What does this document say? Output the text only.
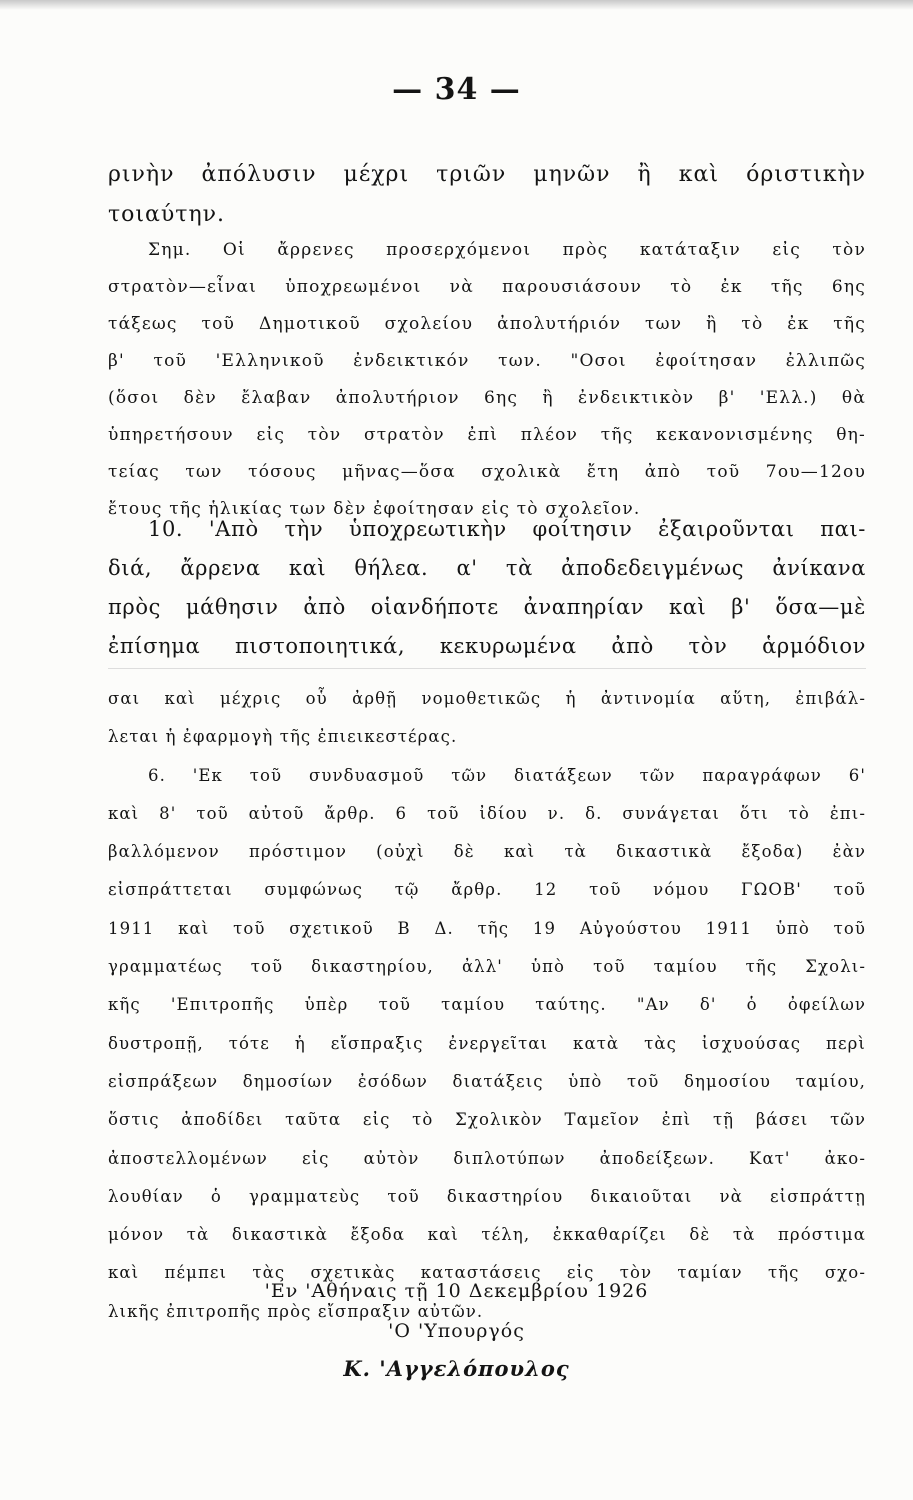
— 34 —
ρινὴν ἀπόλυσιν μέχρι τριῶν μηνῶν ἢ καὶ όριστικὴν
τοιαύτην.
Σημ. Οἱ ἄρρενες προσερχόμενοι πρὸς κατάταξιν εἰς τὸν
στρατὸν—εἶναι ὑποχρεωμένοι νὰ παρουσιάσουν τὸ ἐκ τῆς 6ης
τάξεως τοῦ Δημοτικοῦ σχολείου ἀπολυτήριόν των ἢ τὸ ἐκ τῆς
β' τοῦ 'Ελληνικοῦ ἐνδεικτικόν των. "Οσοι ἐφοίτησαν ἐλλιπῶς
(ὅσοι δὲν ἔλαβαν ἀπολυτήριον 6ης ἢ ἐνδεικτικὸν β' 'Ελλ.) θὰ
ὑπηρετήσουν εἰς τὸν στρατὸν ἐπὶ πλέον τῆς κεκανονισμένης θη-
τείας των τόσους μῆνας—ὅσα σχολικὰ ἔτη ἀπὸ τοῦ 7ου—12ου
ἔτους τῆς ἡλικίας των δὲν ἐφοίτησαν εἰς τὸ σχολεῖον.
10. 'Απὸ τὴν ὑποχρεωτικὴν φοίτησιν ἐξαιροῦνται παι-
διά, ἄρρενα καὶ θήλεα. α' τὰ ἀποδεδειγμένως ἀνίκανα
πρὸς μάθησιν ἀπὸ οἱανδήποτε ἀναπηρίαν καὶ β' ὅσα—μὲ
ἐπίσημα πιστοποιητικά, κεκυρωμένα ἀπὸ τὸν ἁρμόδιον
σαι καὶ μέχρις οὗ ἀρθῇ νομοθετικῶς ἡ ἀντινομία αὕτη, ἐπιβάλ-
λεται ἡ ἐφαρμογὴ τῆς ἐπιεικεστέρας.
6. 'Εκ τοῦ συνδυασμοῦ τῶν διατάξεων τῶν παραγράφων 6'
καὶ 8' τοῦ αὐτοῦ ἄρθρ. 6 τοῦ ἰδίου ν. δ. συνάγεται ὅτι τὸ ἐπι-
βαλλόμενον πρόστιμον (οὐχὶ δὲ καὶ τὰ δικαστικὰ ἔξοδα) ἐὰν
εἰσπράττεται συμφώνως τῷ ἄρθρ. 12 τοῦ νόμου ΓΩΟΒ' τοῦ
1911 καὶ τοῦ σχετικοῦ Β Δ. τῆς 19 Αὐγούστου 1911 ὑπὸ τοῦ
γραμματέως τοῦ δικαστηρίου, ἀλλ' ὑπὸ τοῦ ταμίου τῆς Σχολι-
κῆς 'Επιτροπῆς ὑπὲρ τοῦ ταμίου ταύτης. "Αν δ' ὁ ὀφείλων
δυστροπῇ, τότε ἡ εἴσπραξις ἐνεργεῖται κατὰ τὰς ἰσχυούσας περὶ
εἰσπράξεων δημοσίων ἐσόδων διατάξεις ὑπὸ τοῦ δημοσίου ταμίου,
ὅστις ἀποδίδει ταῦτα εἰς τὸ Σχολικὸν Ταμεῖον ἐπὶ τῇ βάσει τῶν
ἀποστελλομένων εἰς αὐτὸν διπλοτύπων ἀποδείξεων. Κατ' ἀκο-
λουθίαν ὁ γραμματεὺς τοῦ δικαστηρίου δικαιοῦται νὰ εἰσπράττῃ
μόνον τὰ δικαστικὰ ἔξοδα καὶ τέλη, ἐκκαθαρίζει δὲ τὰ πρόστιμα
καὶ πέμπει τὰς σχετικὰς καταστάσεις εἰς τὸν ταμίαν τῆς σχο-
λικῆς ἐπιτροπῆς πρὸς εἴσπραξιν αὐτῶν.
'Εν 'Αθήναις τῇ 10 Δεκεμβρίου 1926
'Ο 'Υπουργός
Κ. 'Αγγελόπουλος
